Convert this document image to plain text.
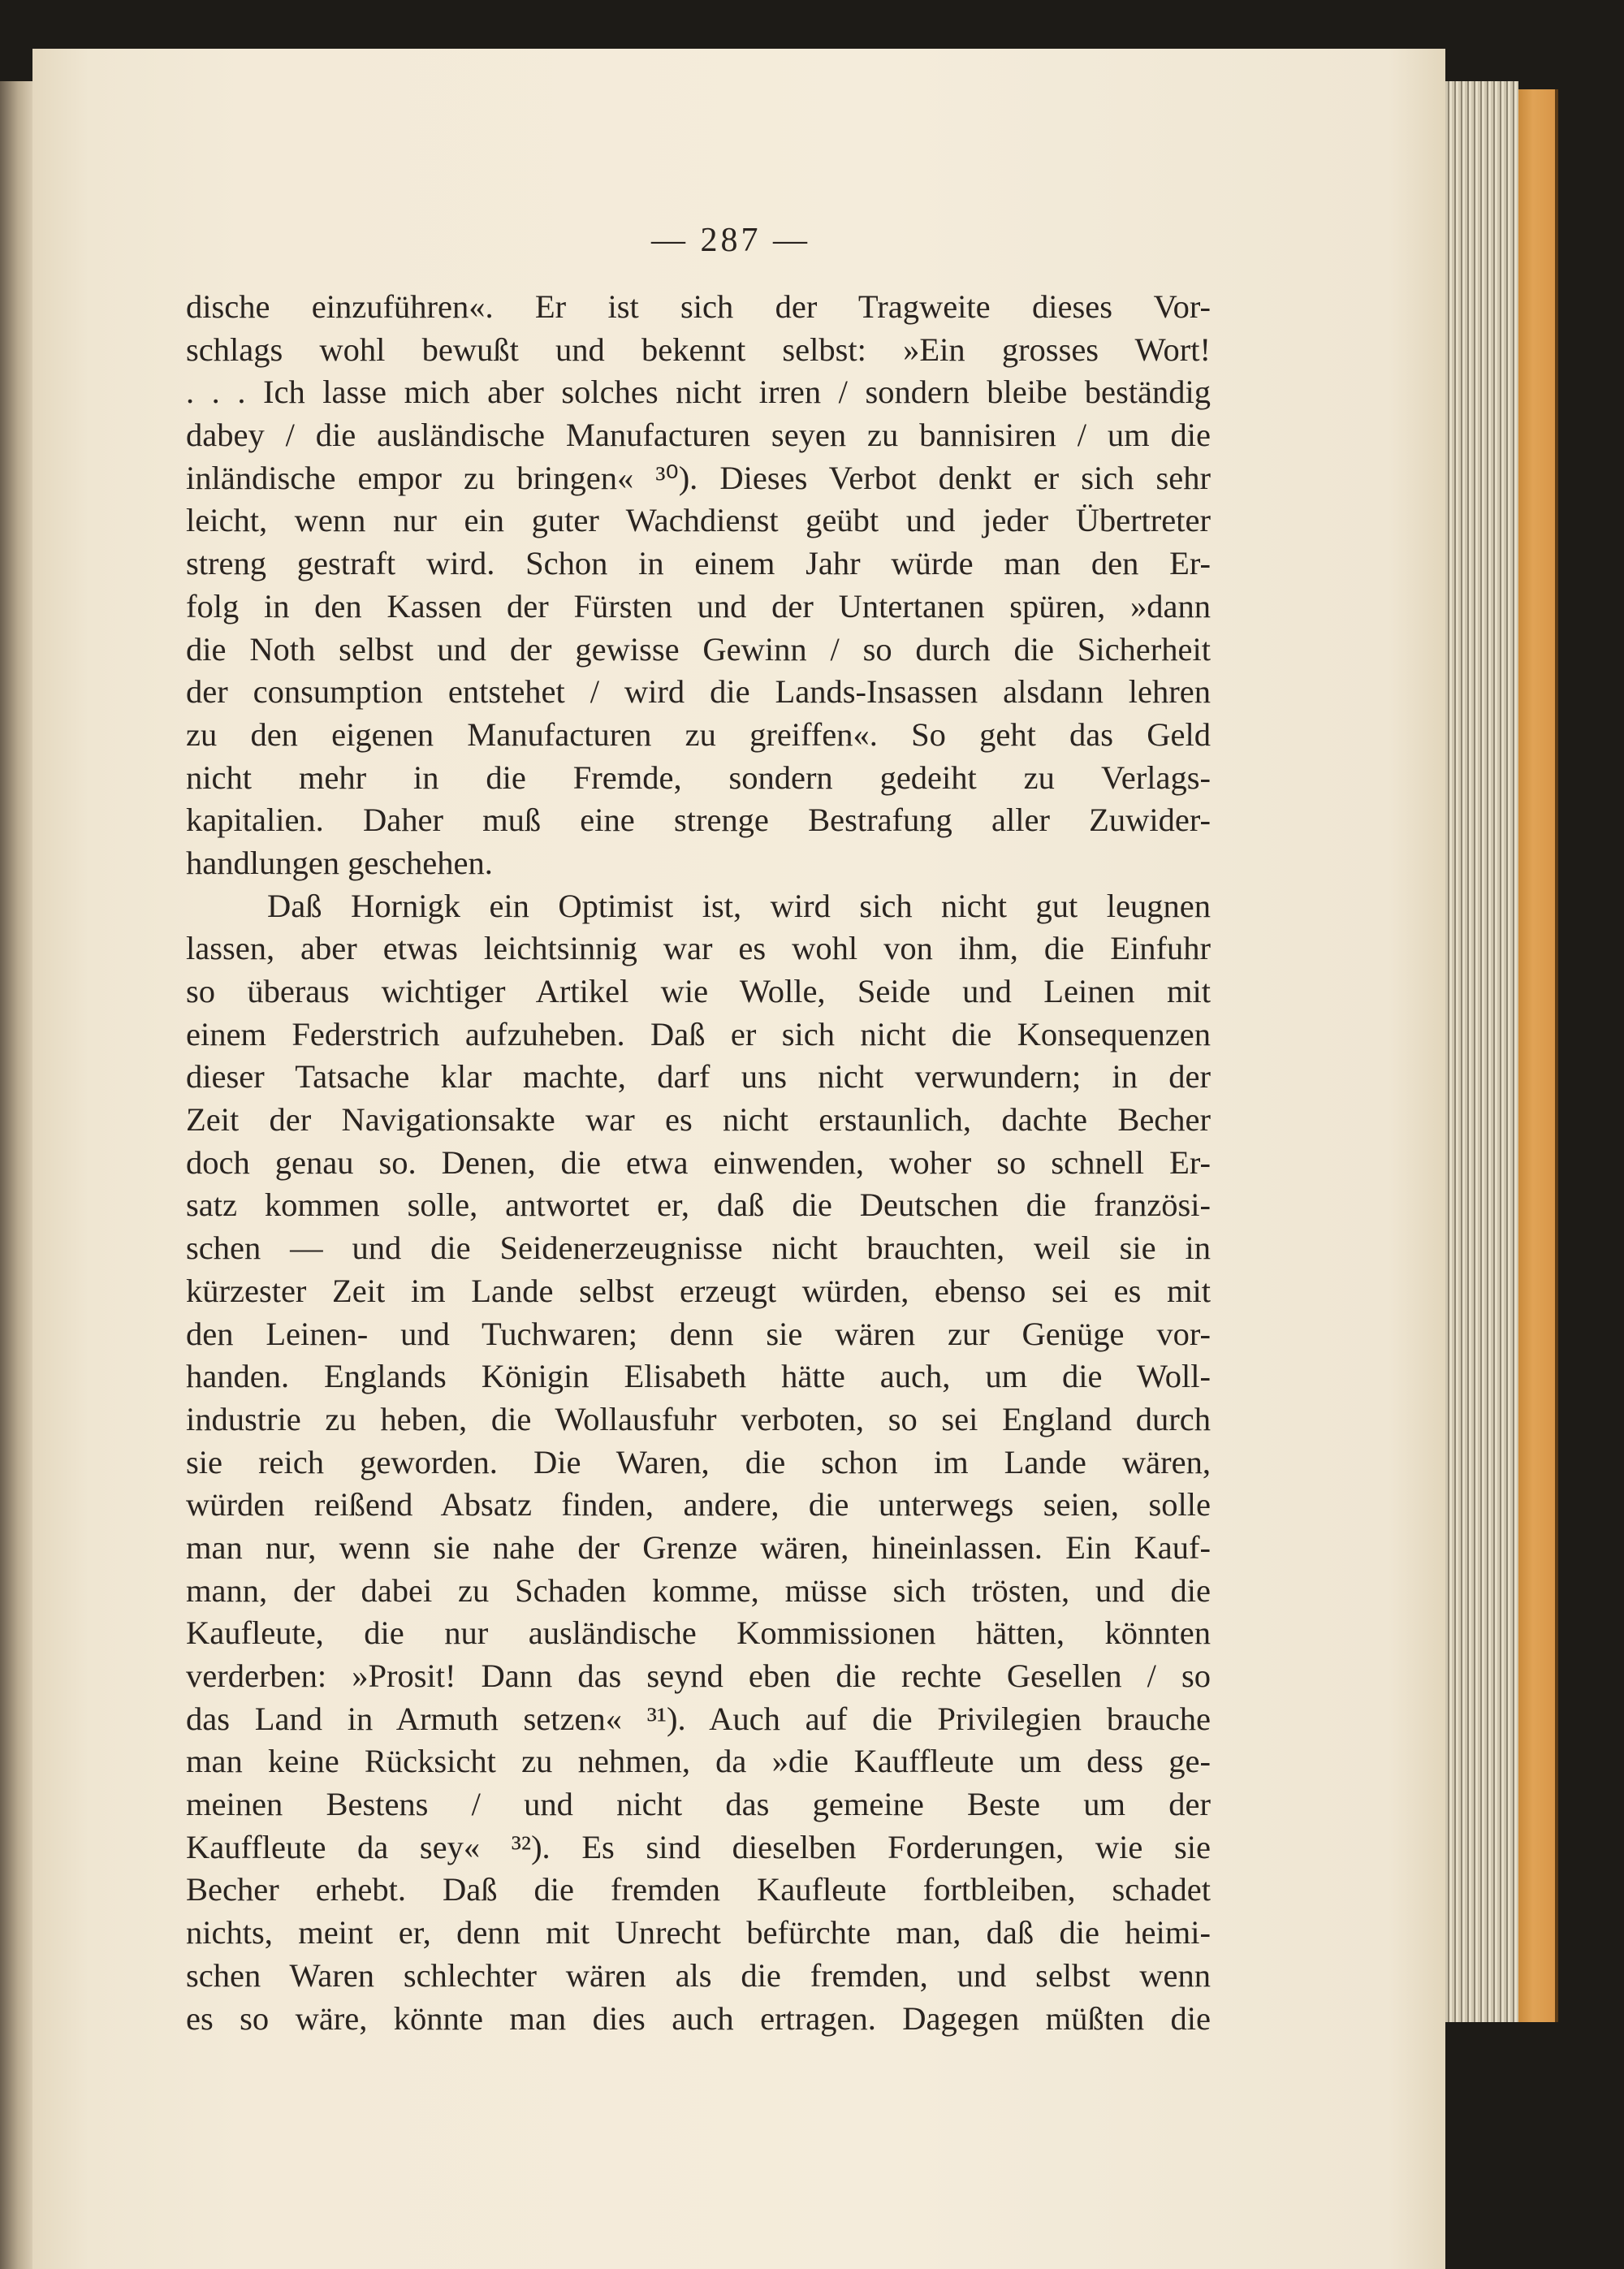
— 287 —
dische einzuführen«. Er ist sich der Tragweite dieses Vor-
schlags wohl bewußt und bekennt selbst: »Ein grosses Wort!
. . . Ich lasse mich aber solches nicht irren / sondern bleibe beständig
dabey / die ausländische Manufacturen seyen zu bannisiren / um die
inländische empor zu bringen« ³⁰). Dieses Verbot denkt er sich sehr
leicht, wenn nur ein guter Wachdienst geübt und jeder Übertreter
streng gestraft wird. Schon in einem Jahr würde man den Er-
folg in den Kassen der Fürsten und der Untertanen spüren, »dann
die Noth selbst und der gewisse Gewinn / so durch die Sicherheit
der consumption entstehet / wird die Lands-Insassen alsdann lehren
zu den eigenen Manufacturen zu greiffen«. So geht das Geld
nicht mehr in die Fremde, sondern gedeiht zu Verlags-
kapitalien. Daher muß eine strenge Bestrafung aller Zuwider-
handlungen geschehen.
Daß Hornigk ein Optimist ist, wird sich nicht gut leugnen
lassen, aber etwas leichtsinnig war es wohl von ihm, die Einfuhr
so überaus wichtiger Artikel wie Wolle, Seide und Leinen mit
einem Federstrich aufzuheben. Daß er sich nicht die Konsequenzen
dieser Tatsache klar machte, darf uns nicht verwundern; in der
Zeit der Navigationsakte war es nicht erstaunlich, dachte Becher
doch genau so. Denen, die etwa einwenden, woher so schnell Er-
satz kommen solle, antwortet er, daß die Deutschen die französi-
schen — und die Seidenerzeugnisse nicht brauchten, weil sie in
kürzester Zeit im Lande selbst erzeugt würden, ebenso sei es mit
den Leinen- und Tuchwaren; denn sie wären zur Genüge vor-
handen. Englands Königin Elisabeth hätte auch, um die Woll-
industrie zu heben, die Wollausfuhr verboten, so sei England durch
sie reich geworden. Die Waren, die schon im Lande wären,
würden reißend Absatz finden, andere, die unterwegs seien, solle
man nur, wenn sie nahe der Grenze wären, hineinlassen. Ein Kauf-
mann, der dabei zu Schaden komme, müsse sich trösten, und die
Kaufleute, die nur ausländische Kommissionen hätten, könnten
verderben: »Prosit! Dann das seynd eben die rechte Gesellen / so
das Land in Armuth setzen« ³¹). Auch auf die Privilegien brauche
man keine Rücksicht zu nehmen, da »die Kauffleute um dess ge-
meinen Bestens / und nicht das gemeine Beste um der
Kauffleute da sey« ³²). Es sind dieselben Forderungen, wie sie
Becher erhebt. Daß die fremden Kaufleute fortbleiben, schadet
nichts, meint er, denn mit Unrecht befürchte man, daß die heimi-
schen Waren schlechter wären als die fremden, und selbst wenn
es so wäre, könnte man dies auch ertragen. Dagegen müßten die
